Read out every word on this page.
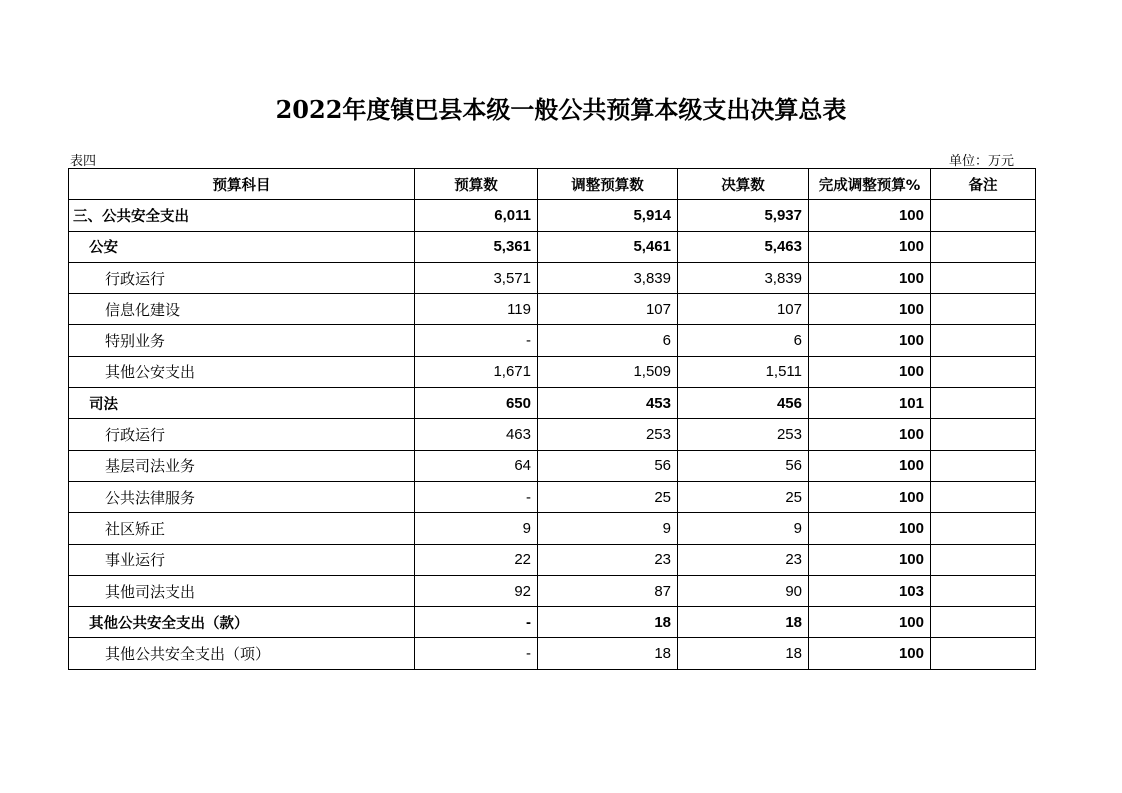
2022年度镇巴县本级一般公共预算本级支出决算总表
表四	单位：万元
预算科目	预算数	调整预算数	决算数	完成调整预算%	备注
三、公共安全支出	6,011	5,914	5,937	100	
公安	5,361	5,461	5,463	100	
行政运行	3,571	3,839	3,839	100	
信息化建设	119	107	107	100	
特别业务	-	6	6	100	
其他公安支出	1,671	1,509	1,511	100	
司法	650	453	456	101	
行政运行	463	253	253	100	
基层司法业务	64	56	56	100	
公共法律服务	-	25	25	100	
社区矫正	9	9	9	100	
事业运行	22	23	23	100	
其他司法支出	92	87	90	103	
其他公共安全支出（款）	-	18	18	100	
其他公共安全支出（项）	-	18	18	100	
